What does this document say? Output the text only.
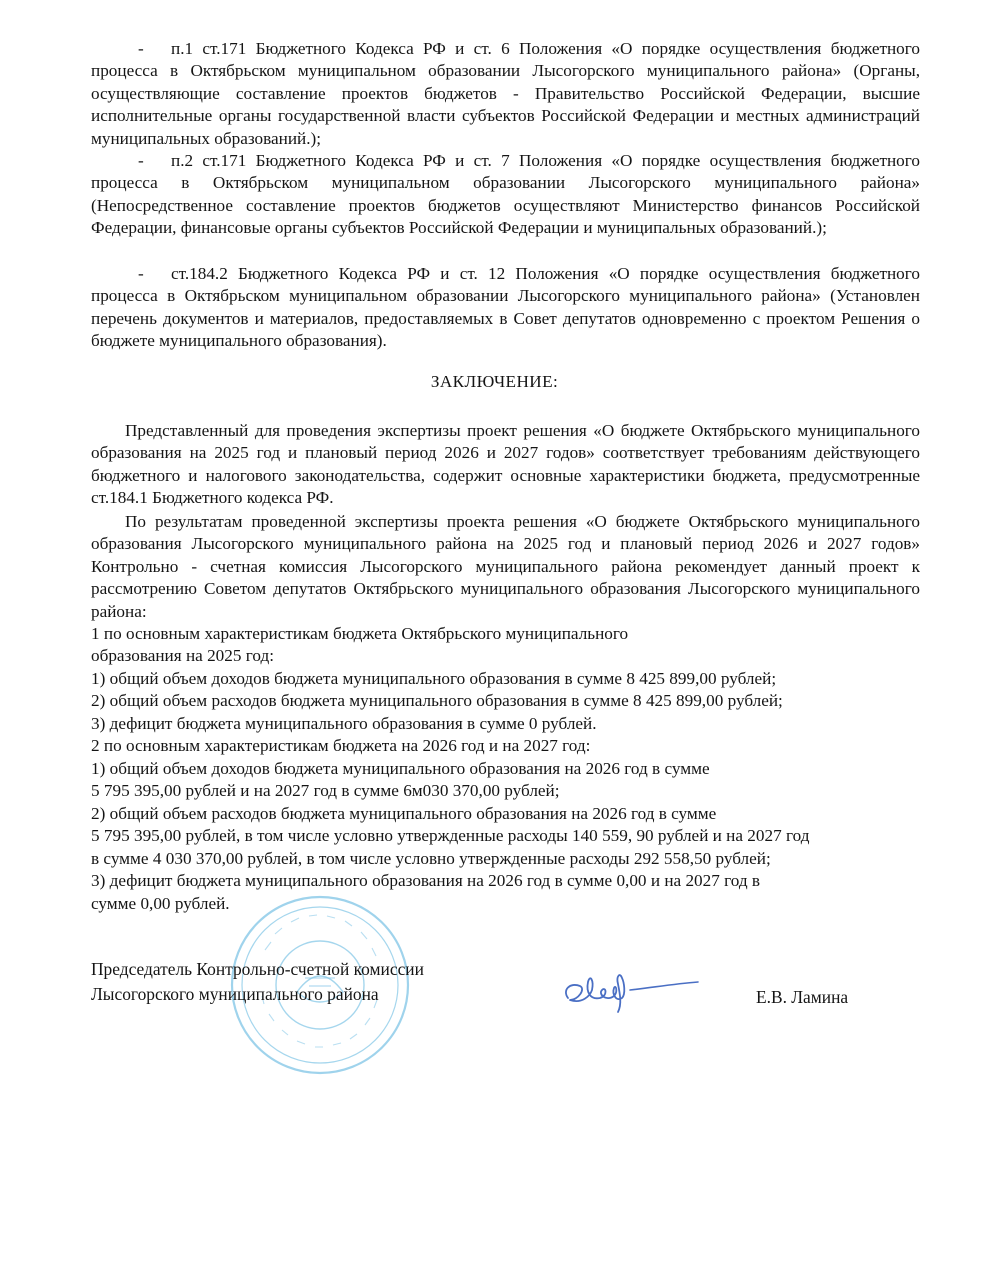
- п.1 ст.171 Бюджетного Кодекса РФ и ст. 6 Положения «О порядке осуществления бюджетного процесса в Октябрьском муниципальном образовании Лысогорского муниципального района» (Органы, осуществляющие составление проектов бюджетов - Правительство Российской Федерации, высшие исполнительные органы государственной власти субъектов Российской Федерации и местных администраций муниципальных образований.);
- п.2 ст.171 Бюджетного Кодекса РФ и ст. 7 Положения «О порядке осуществления бюджетного процесса в Октябрьском муниципальном образовании Лысогорского муниципального района» (Непосредственное составление проектов бюджетов осуществляют Министерство финансов Российской Федерации, финансовые органы субъектов Российской Федерации и муниципальных образований.);
- ст.184.2 Бюджетного Кодекса РФ и ст. 12 Положения «О порядке осуществления бюджетного процесса в Октябрьском муниципальном образовании Лысогорского муниципального района» (Установлен перечень документов и материалов, предоставляемых в Совет депутатов одновременно с проектом Решения о бюджете муниципального образования).
ЗАКЛЮЧЕНИЕ:
Представленный для проведения экспертизы проект решения «О бюджете Октябрьского муниципального образования на 2025 год и плановый период 2026 и 2027 годов» соответствует требованиям действующего бюджетного и налогового законодательства, содержит основные характеристики бюджета, предусмотренные ст.184.1 Бюджетного кодекса РФ.
По результатам проведенной экспертизы проекта решения «О бюджете Октябрьского муниципального образования Лысогорского муниципального района на 2025 год и плановый период 2026 и 2027 годов» Контрольно - счетная комиссия Лысогорского муниципального района рекомендует данный проект к рассмотрению Советом депутатов Октябрьского муниципального образования Лысогорского муниципального района:
1 по основным характеристикам бюджета Октябрьского муниципального
образования на 2025 год:
1) общий объем доходов бюджета муниципального образования в сумме 8 425 899,00 рублей;
2) общий объем расходов бюджета муниципального образования в сумме 8 425 899,00 рублей;
3) дефицит бюджета муниципального образования в сумме 0 рублей.
2 по основным характеристикам бюджета на 2026 год и на 2027 год:
1) общий объем доходов бюджета муниципального образования на 2026 год в сумме
5 795 395,00 рублей и на 2027 год в сумме 6м030 370,00 рублей;
2) общий объем расходов бюджета муниципального образования на 2026 год в сумме
5 795 395,00 рублей, в том числе условно утвержденные расходы 140 559, 90 рублей и на 2027 год
в сумме 4 030 370,00 рублей, в том числе условно утвержденные расходы 292 558,50 рублей;
3) дефицит бюджета муниципального образования на 2026 год в сумме 0,00 и на 2027 год в
сумме 0,00 рублей.
Председатель Контрольно-счетной комиссии
Лысогорского муниципального района	Е.В. Ламина
